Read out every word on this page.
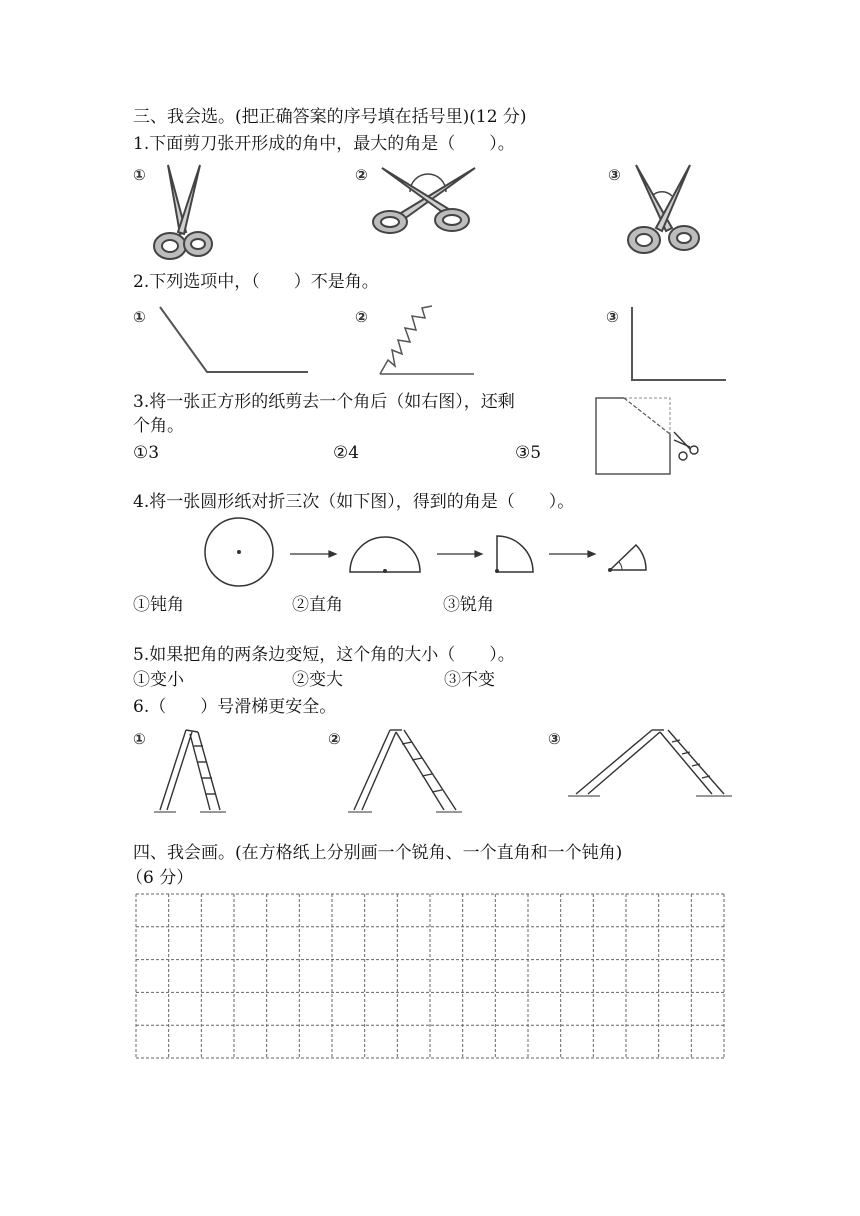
三、我会选。(把正确答案的序号填在括号里)(12 分)
1.下面剪刀张开形成的角中，最大的角是（　　）。
①	②	③
2.下列选项中，（　　）不是角。
①	②	③
3.将一张正方形的纸剪去一个角后（如右图），还剩
个角。
①3	②4	③5
4.将一张圆形纸对折三次（如下图），得到的角是（　　）。
①钝角	②直角	③锐角
5.如果把角的两条边变短，这个角的大小（　　）。
①变小	②变大	③不变
6.（　　）号滑梯更安全。
①	②	③
四、我会画。(在方格纸上分别画一个锐角、一个直角和一个钝角)
（6 分）
